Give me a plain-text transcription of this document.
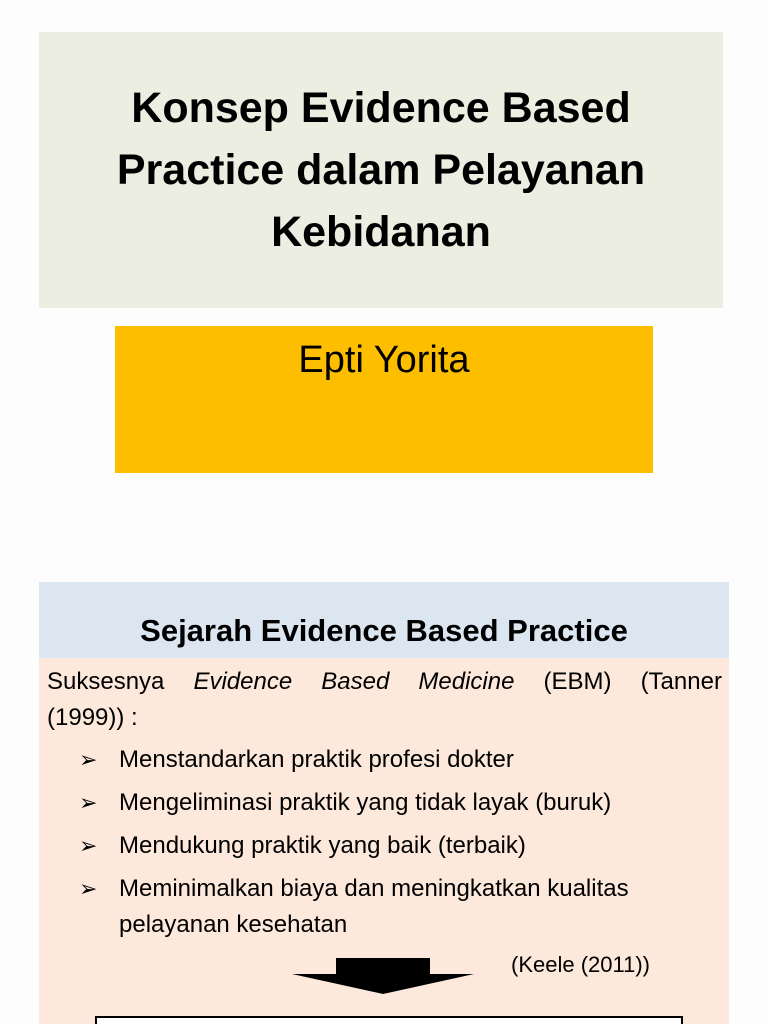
Konsep Evidence Based
Practice dalam Pelayanan
Kebidanan
Epti Yorita
Sejarah Evidence Based Practice
Suksesnya Evidence Based Medicine (EBM) (Tanner
(1999)) :
➢ Menstandarkan praktik profesi dokter
➢ Mengeliminasi praktik yang tidak layak (buruk)
➢ Mendukung praktik yang baik (terbaik)
➢ Meminimalkan biaya dan meningkatkan kualitas pelayanan kesehatan
(Keele (2011))
